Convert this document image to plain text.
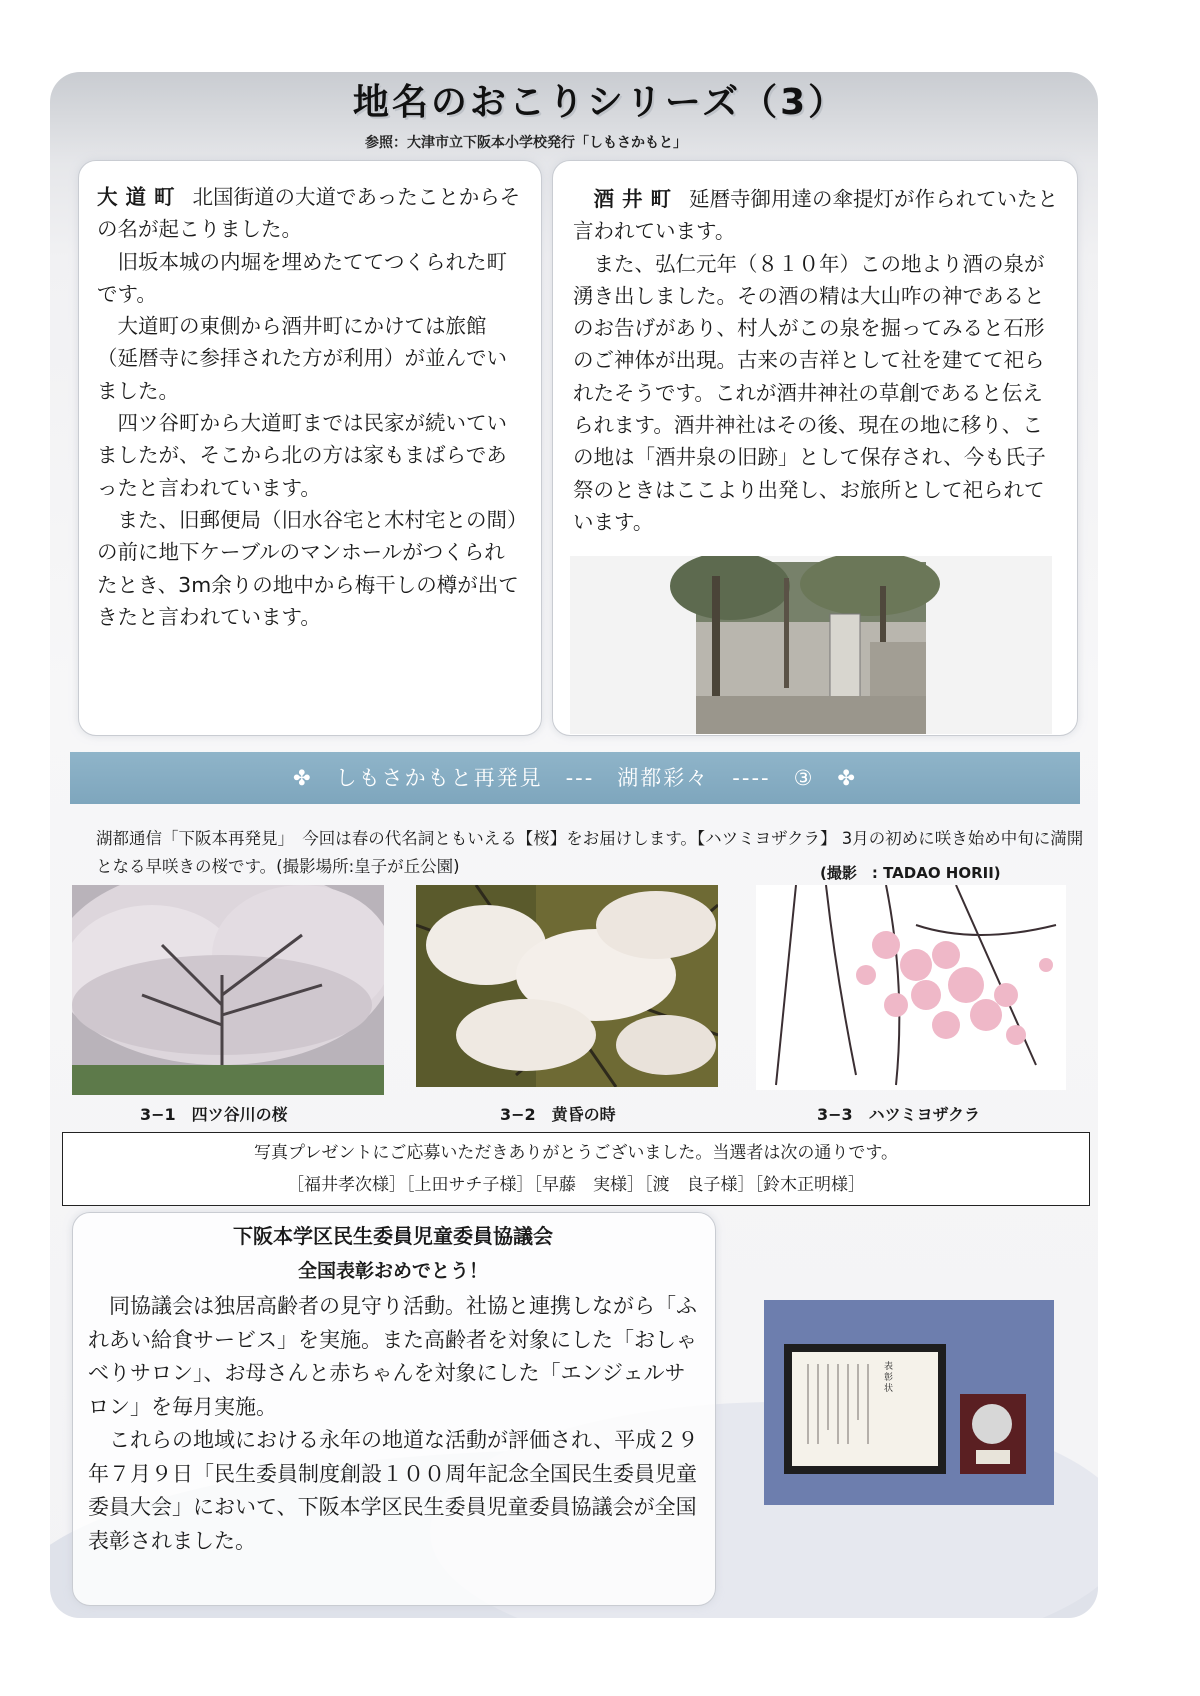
地名のおこりシリーズ（3）
参照：大津市立下阪本小学校発行「しもさかもと」

大道町 北国街道の大道であったことからその名が起こりました。

旧坂本城の内堀を埋めたててつくられた町です。

大道町の東側から酒井町にかけては旅館（延暦寺に参拝された方が利用）が並んでいました。

四ツ谷町から大道町までは民家が続いていましたが、そこから北の方は家もまばらであったと言われています。

また、旧郵便局（旧水谷宅と木村宅との間）の前に地下ケーブルのマンホールがつくられたとき、3m余りの地中から梅干しの樽が出てきたと言われています。

酒井町 延暦寺御用達の傘提灯が作られていたと言われています。

また、弘仁元年（８１０年）この地より酒の泉が湧き出しました。その酒の精は大山咋の神であるとのお告げがあり、村人がこの泉を掘ってみると石形のご神体が出現。古来の吉祥として社を建てて祀られたそうです。これが酒井神社の草創であると伝えられます。酒井神社はその後、現在の地に移り、この地は「酒井泉の旧跡」として保存され、今も氏子祭のときはここより出発し、お旅所として祀られています。

✤　しもさかもと再発見　---　湖都彩々　----　③　✤
湖都通信「下阪本再発見」　今回は春の代名詞ともいえる【桜】をお届けします。【ハツミヨザクラ】 3月の初めに咲き始め中旬に満開となる早咲きの桜です。(撮影場所:皇子が丘公園)	(撮影　: TADAO HORII)
3−1　四ツ谷川の桜	3−2　黄昏の時	3−3　ハツミヨザクラ
写真プレゼントにご応募いただきありがとうございました。当選者は次の通りです。
［福井孝次様］［上田サチ子様］［早藤　実様］［渡　良子様］［鈴木正明様］
下阪本学区民生委員児童委員協議会
全国表彰おめでとう！

同協議会は独居高齢者の見守り活動。社協と連携しながら「ふれあい給食サービス」を実施。また高齢者を対象にした「おしゃべりサロン」、お母さんと赤ちゃんを対象にした「エンジェルサロン」を毎月実施。

これらの地域における永年の地道な活動が評価され、平成２９年７月９日「民生委員制度創設１００周年記念全国民生委員児童委員大会」において、下阪本学区民生委員児童委員協議会が全国表彰されました。

表　彰　状
